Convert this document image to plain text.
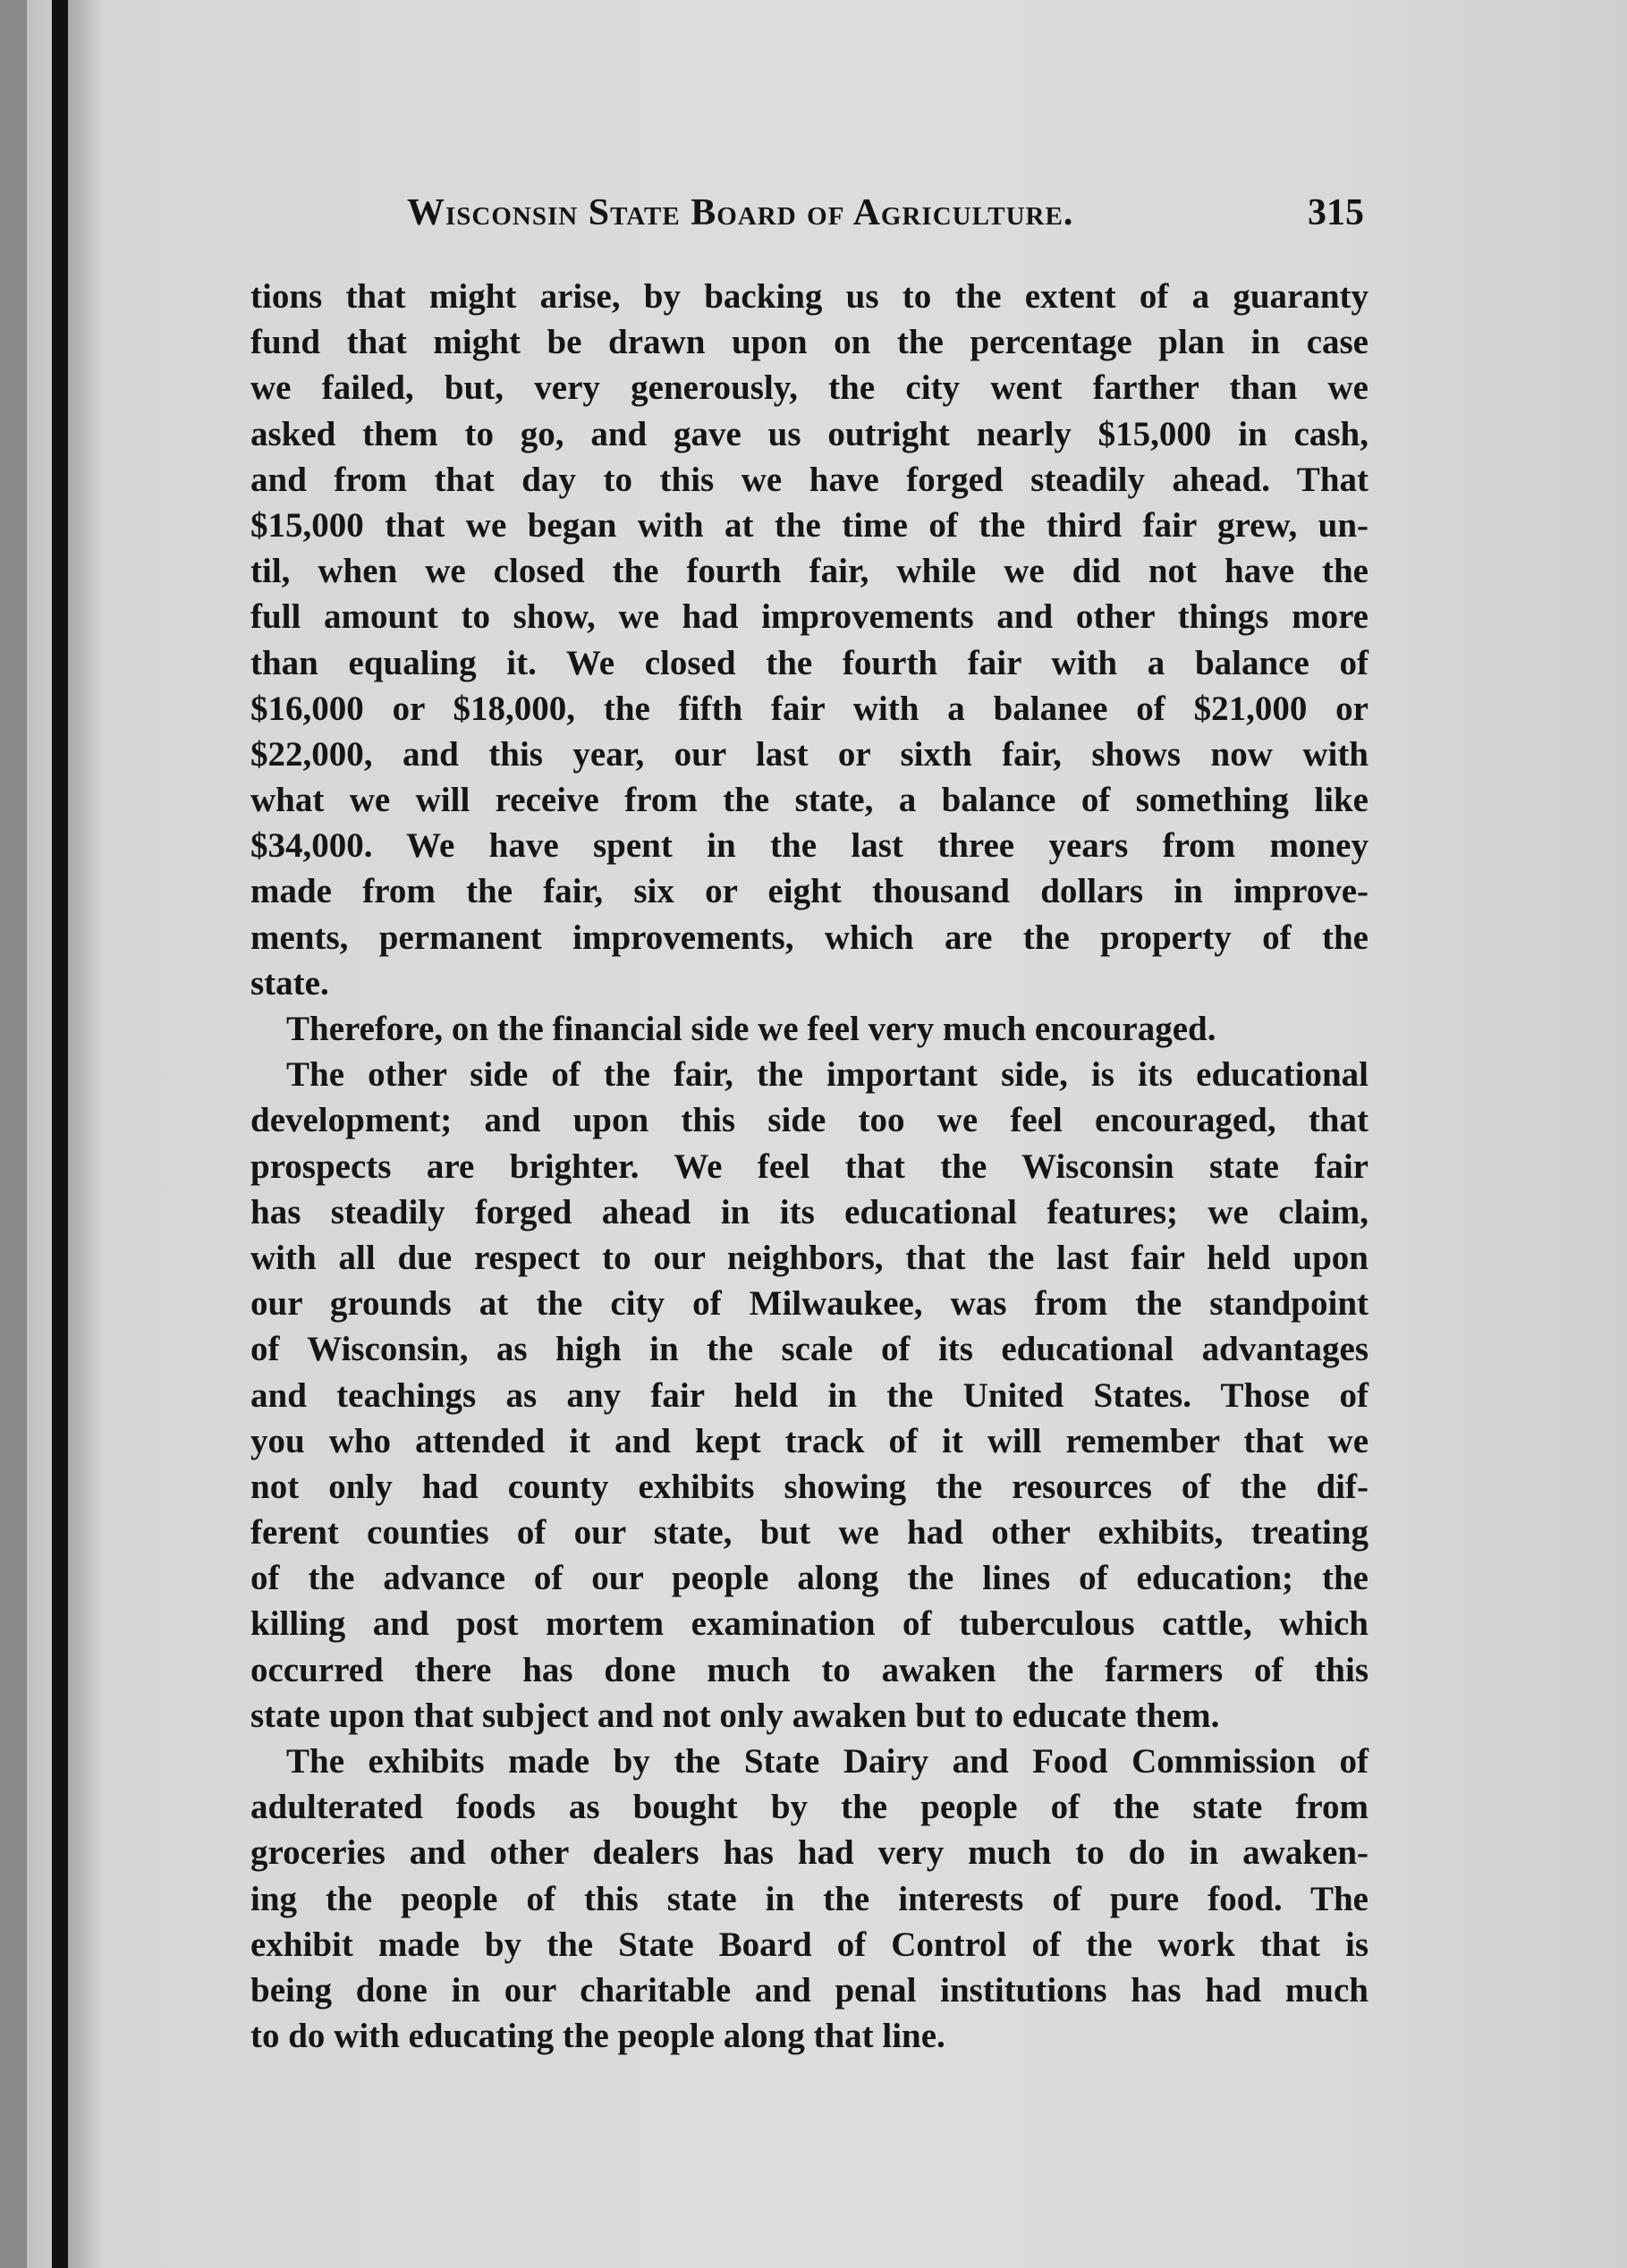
Wisconsin State Board of Agriculture.	315
tions that might arise, by backing us to the extent of a guaranty
fund that might be drawn upon on the percentage plan in case
we failed, but, very generously, the city went farther than we
asked them to go, and gave us outright nearly $15,000 in cash,
and from that day to this we have forged steadily ahead. That
$15,000 that we began with at the time of the third fair grew, un-
til, when we closed the fourth fair, while we did not have the
full amount to show, we had improvements and other things more
than equaling it. We closed the fourth fair with a balance of
$16,000 or $18,000, the fifth fair with a balanee of $21,000 or
$22,000, and this year, our last or sixth fair, shows now with
what we will receive from the state, a balance of something like
$34,000. We have spent in the last three years from money
made from the fair, six or eight thousand dollars in improve-
ments, permanent improvements, which are the property of the
state.
Therefore, on the financial side we feel very much encouraged.
The other side of the fair, the important side, is its educational
development; and upon this side too we feel encouraged, that
prospects are brighter. We feel that the Wisconsin state fair
has steadily forged ahead in its educational features; we claim,
with all due respect to our neighbors, that the last fair held upon
our grounds at the city of Milwaukee, was from the standpoint
of Wisconsin, as high in the scale of its educational advantages
and teachings as any fair held in the United States. Those of
you who attended it and kept track of it will remember that we
not only had county exhibits showing the resources of the dif-
ferent counties of our state, but we had other exhibits, treating
of the advance of our people along the lines of education; the
killing and post mortem examination of tuberculous cattle, which
occurred there has done much to awaken the farmers of this
state upon that subject and not only awaken but to educate them.
The exhibits made by the State Dairy and Food Commission of
adulterated foods as bought by the people of the state from
groceries and other dealers has had very much to do in awaken-
ing the people of this state in the interests of pure food. The
exhibit made by the State Board of Control of the work that is
being done in our charitable and penal institutions has had much
to do with educating the people along that line.
